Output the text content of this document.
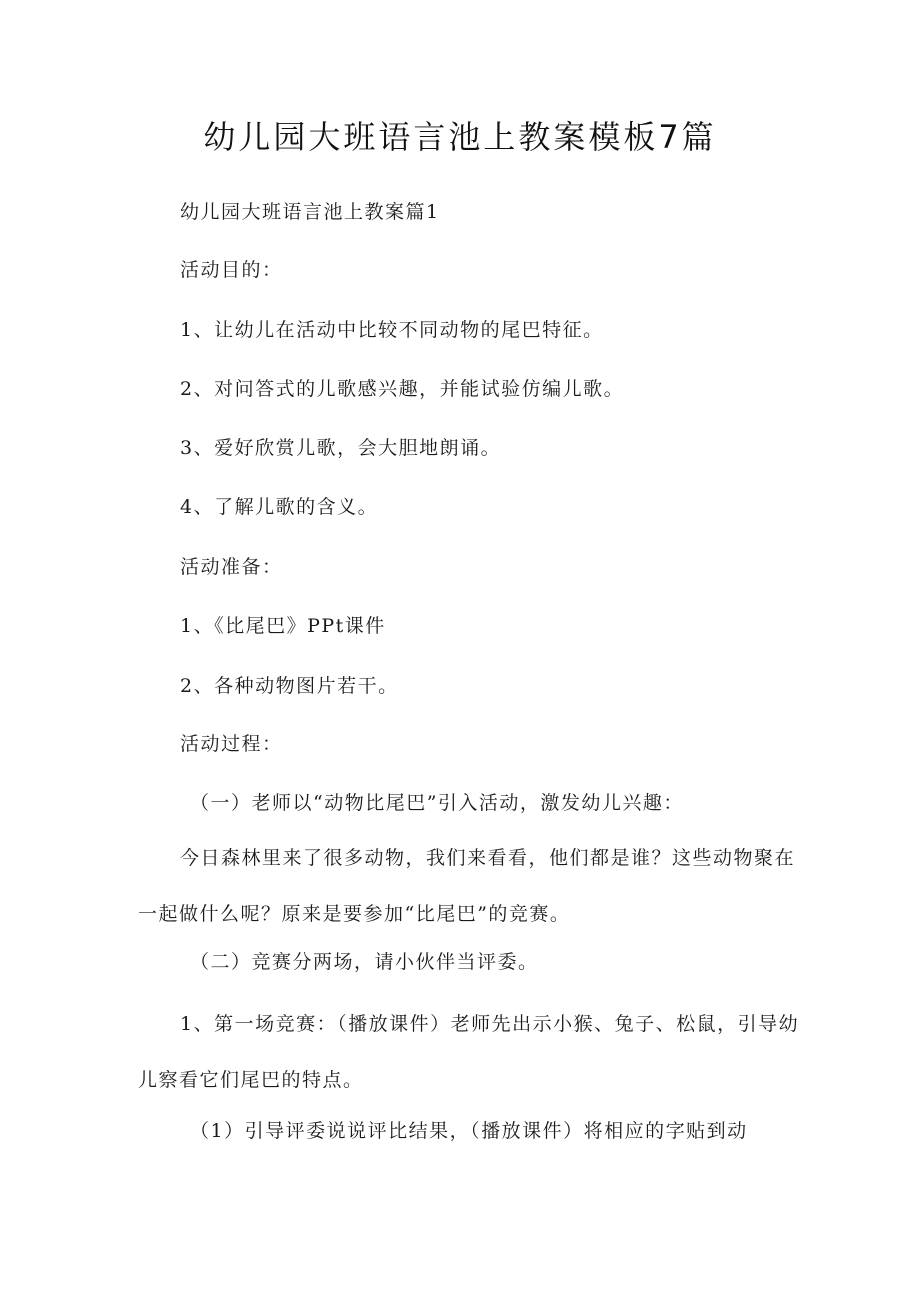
幼儿园大班语言池上教案模板7篇

幼儿园大班语言池上教案篇1

活动目的：

1、让幼儿在活动中比较不同动物的尾巴特征。

2、对问答式的儿歌感兴趣，并能试验仿编儿歌。

3、爱好欣赏儿歌，会大胆地朗诵。

4、了解儿歌的含义。

活动准备：

1、《比尾巴》PPt课件

2、各种动物图片若干。

活动过程：

（一）老师以“动物比尾巴”引入活动，激发幼儿兴趣：

今日森林里来了很多动物，我们来看看，他们都是谁？这些动物聚在
一起做什么呢？原来是要参加“比尾巴”的竞赛。

（二）竞赛分两场，请小伙伴当评委。

1、第一场竞赛：（播放课件）老师先出示小猴、兔子、松鼠，引导幼
儿察看它们尾巴的特点。

（1）引导评委说说评比结果，（播放课件）将相应的字贴到动
